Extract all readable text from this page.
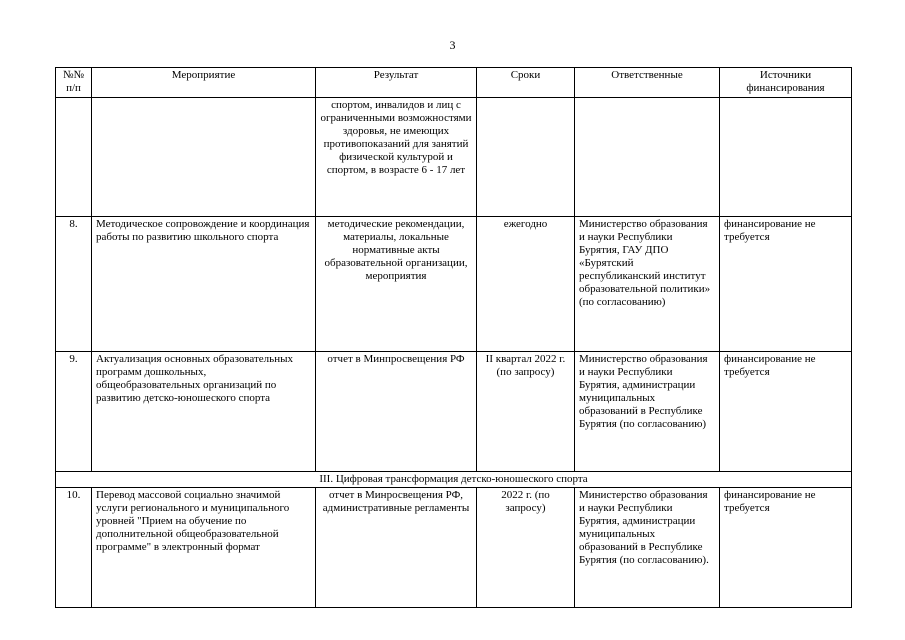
3
№№ п/п	Мероприятие	Результат	Сроки	Ответственные	Источники финансирования
		спортом, инвалидов и лиц с ограниченными возможностями здоровья, не имеющих противопоказаний для занятий физической культурой и спортом, в возрасте 6 - 17 лет			
8.	Методическое сопровождение и координация работы по развитию школьного спорта	методические рекомендации, материалы, локальные нормативные акты образовательной организации, мероприятия	ежегодно	Министерство образования и науки Республики Бурятия, ГАУ ДПО «Бурятский республиканский институт образовательной политики» (по согласованию)	финансирование не требуется
9.	Актуализация основных образовательных программ дошкольных, общеобразовательных организаций по развитию детско-юношеского спорта	отчет в Минпросвещения РФ	II квартал 2022 г. (по запросу)	Министерство образования и науки Республики Бурятия, администрации муниципальных образований в Республике Бурятия (по согласованию)	финансирование не требуется
III. Цифровая трансформация детско-юношеского спорта					
10.	Перевод массовой социально значимой услуги регионального и муниципального уровней "Прием на обучение по дополнительной общеобразовательной программе" в электронный формат	отчет в Минросвещения РФ, административные регламенты	2022 г. (по запросу)	Министерство образования и науки Республики Бурятия, администрации муниципальных образований в Республике Бурятия (по согласованию).	финансирование не требуется
